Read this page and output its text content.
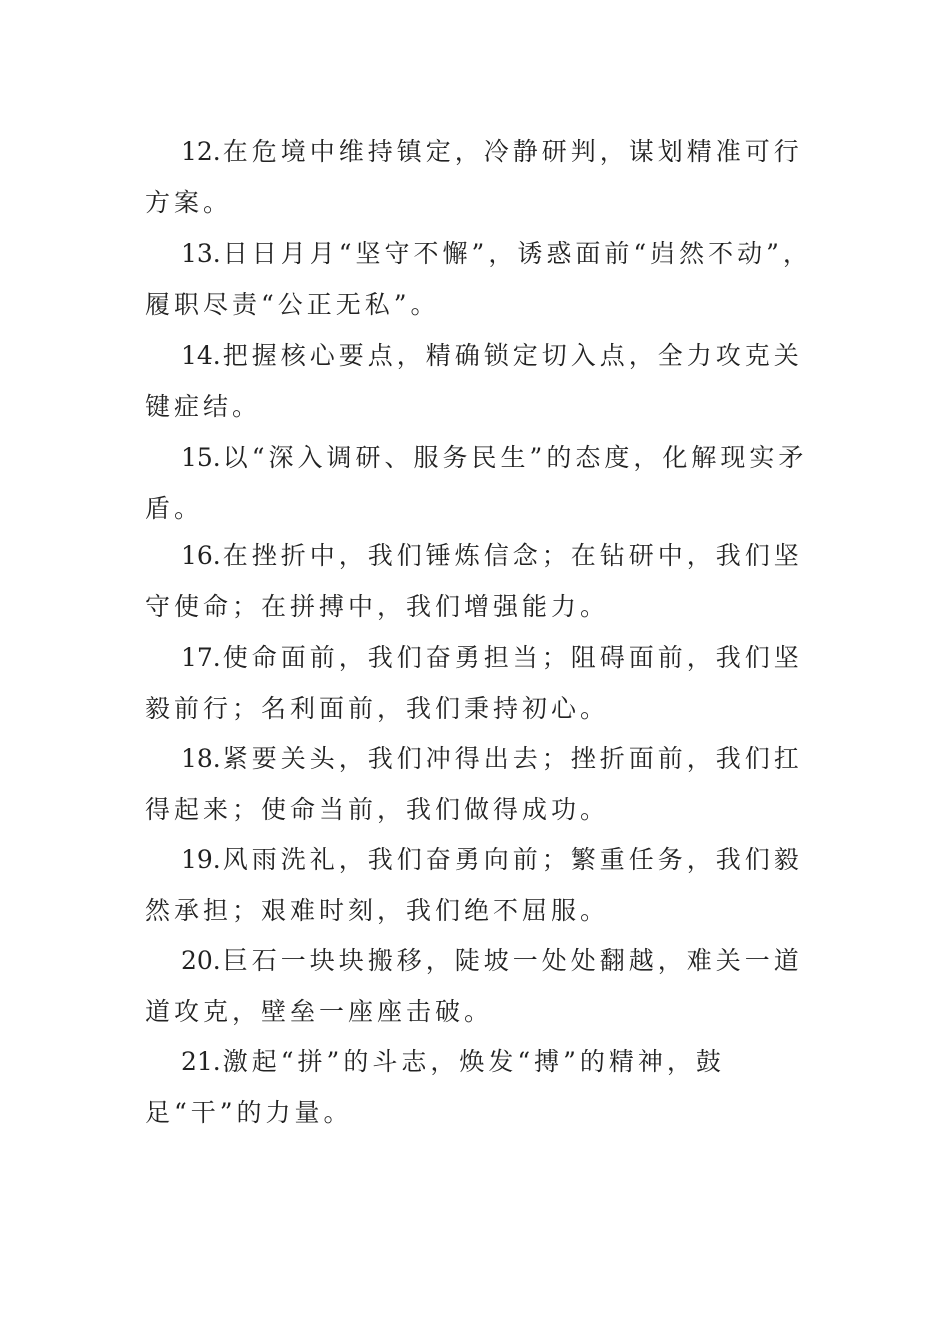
12.在危境中维持镇定，冷静研判，谋划精准可行方案。

13.日日月月“坚守不懈”，诱惑面前“岿然不动”，履职尽责“公正无私”。

14.把握核心要点，精确锁定切入点，全力攻克关键症结。

15.以“深入调研、服务民生”的态度，化解现实矛盾。

16.在挫折中，我们锤炼信念；在钻研中，我们坚守使命；在拼搏中，我们增强能力。

17.使命面前，我们奋勇担当；阻碍面前，我们坚毅前行；名利面前，我们秉持初心。

18.紧要关头，我们冲得出去；挫折面前，我们扛得起来；使命当前，我们做得成功。

19.风雨洗礼，我们奋勇向前；繁重任务，我们毅然承担；艰难时刻，我们绝不屈服。

20.巨石一块块搬移，陡坡一处处翻越，难关一道道攻克，壁垒一座座击破。

21.激起“拼”的斗志，焕发“搏”的精神，鼓足“干”的力量。
